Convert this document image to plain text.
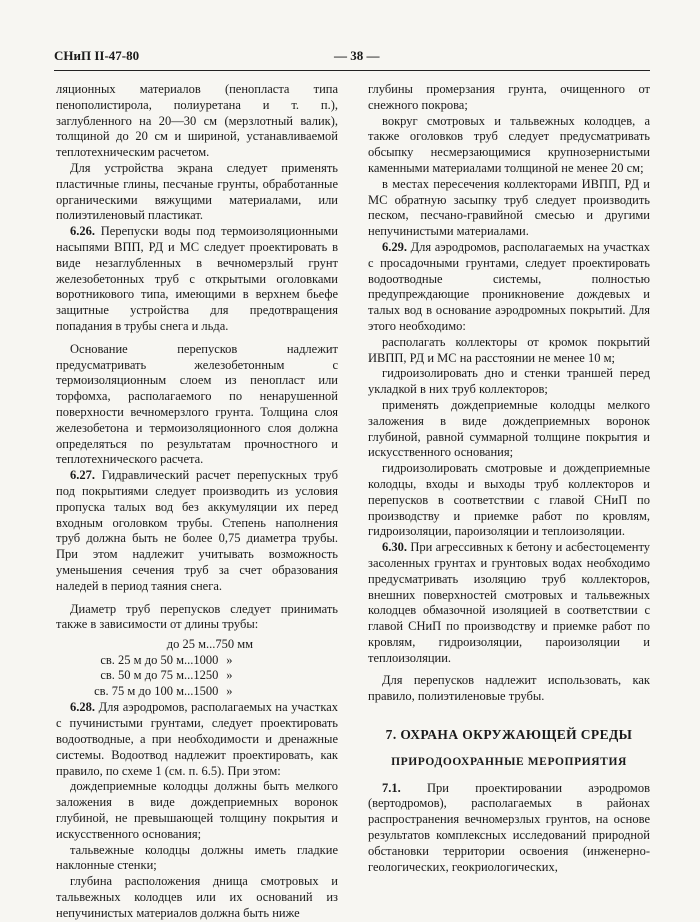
СНиП II-47-80	— 38 —

ляционных материалов (пенопласта типа пенополистирола, полиуретана и т. п.), заглубленного на 20—30 см (мерзлотный валик), толщиной до 20 см и шириной, устанавливаемой теплотехническим расчетом.

Для устройства экрана следует применять пластичные глины, песчаные грунты, обработанные органическими вяжущими материалами, или полиэтиленовый пластикат.

6.26. Перепуски воды под термоизоляционными насыпями ВПП, РД и МС следует проектировать в виде незаглубленных в вечномерзлый грунт железобетонных труб с открытыми оголовками воротникового типа, имеющими в верхнем бьефе защитные устройства для предотвращения попадания в трубы снега и льда.

Основание перепусков надлежит предусматривать железобетонным с термоизоляционным слоем из пенопласт или торфомха, располагаемого по ненарушенной поверхности вечномерзлого грунта. Толщина слоя железобетона и термоизоляционного слоя должна определяться по результатам прочностного и теплотехнического расчета.

6.27. Гидравлический расчет перепускных труб под покрытиями следует производить из условия пропуска талых вод без аккумуляции их перед входным оголовком трубы. Степень наполнения труб должна быть не более 0,75 диаметра трубы. При этом надлежит учитывать возможность уменьшения сечения труб за счет образования наледей в период таяния снега.

Диаметр труб перепусков следует принимать также в зависимости от длины трубы:

до 25 м ... 750 мм
св. 25 м до 50 м ... 1000 »
св. 50 м до 75 м ... 1250 »
св. 75 м до 100 м ... 1500 »

6.28. Для аэродромов, располагаемых на участках с пучинистыми грунтами, следует проектировать водоотводные, а при необходимости и дренажные системы. Водоотвод надлежит проектировать, как правило, по схеме 1 (см. п. 6.5). При этом:

дождеприемные колодцы должны быть мелкого заложения в виде дождеприемных воронок глубиной, не превышающей толщину покрытия и искусственного основания;

тальвежные колодцы должны иметь гладкие наклонные стенки;

глубина расположения днища смотровых и тальвежных колодцев или их оснований из непучинистых материалов должна быть ниже

глубины промерзания грунта, очищенного от снежного покрова;

вокруг смотровых и тальвежных колодцев, а также оголовков труб следует предусматривать обсыпку несмерзающимися крупнозернистыми каменными материалами толщиной не менее 20 см;

в местах пересечения коллекторами ИВПП, РД и МС обратную засыпку труб следует производить песком, песчано-гравийной смесью и другими непучинистыми материалами.

6.29. Для аэродромов, располагаемых на участках с просадочными грунтами, следует проектировать водоотводные системы, полностью предупреждающие проникновение дождевых и талых вод в основание аэродромных покрытий. Для этого необходимо:

располагать коллекторы от кромок покрытий ИВПП, РД и МС на расстоянии не менее 10 м;

гидроизолировать дно и стенки траншей перед укладкой в них труб коллекторов;

применять дождеприемные колодцы мелкого заложения в виде дождеприемных воронок глубиной, равной суммарной толщине покрытия и искусственного основания;

гидроизолировать смотровые и дождеприемные колодцы, входы и выходы труб коллекторов и перепусков в соответствии с главой СНиП по производству и приемке работ по кровлям, гидроизоляции, пароизоляции и теплоизоляции.

6.30. При агрессивных к бетону и асбестоцементу засоленных грунтах и грунтовых водах необходимо предусматривать изоляцию труб коллекторов, внешних поверхностей смотровых и тальвежных колодцев обмазочной изоляцией в соответствии с главой СНиП по производству и приемке работ по кровлям, гидроизоляции, пароизоляции и теплоизоляции.

Для перепусков надлежит использовать, как правило, полиэтиленовые трубы.

7. ОХРАНА ОКРУЖАЮЩЕЙ СРЕДЫ
ПРИРОДООХРАННЫЕ МЕРОПРИЯТИЯ

7.1. При проектировании аэродромов (вертодромов), располагаемых в районах распространения вечномерзлых грунтов, на основе результатов комплексных исследований природной обстановки территории освоения (инженерно-геологических, геокриологических,
